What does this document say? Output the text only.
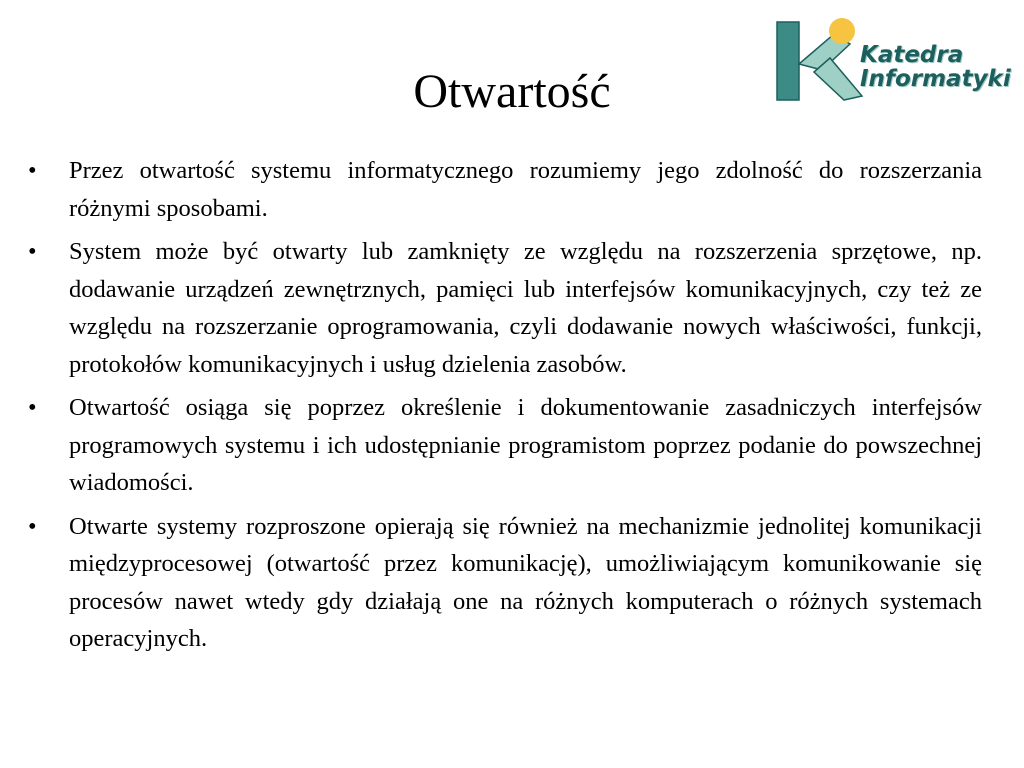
Otwartość
Katedra
Informatyki
•	Przez otwartość systemu informatycznego rozumiemy jego zdolność do rozszerzania różnymi sposobami.
•	System może być otwarty lub zamknięty ze względu na rozszerzenia sprzętowe, np. dodawanie urządzeń zewnętrznych, pamięci lub interfejsów komunikacyjnych, czy też ze względu na rozszerzanie oprogramowania, czyli dodawanie nowych właściwości, funkcji, protokołów komunikacyjnych i usług dzielenia zasobów.
•	Otwartość osiąga się poprzez określenie i dokumentowanie zasadniczych interfejsów programowych systemu i ich udostępnianie programistom poprzez podanie do powszechnej wiadomości.
•	Otwarte systemy rozproszone opierają się również na mechanizmie jednolitej komunikacji międzyprocesowej (otwartość przez komunikację), umożliwiającym komunikowanie się procesów nawet wtedy gdy działają one na różnych komputerach o różnych systemach operacyjnych.
